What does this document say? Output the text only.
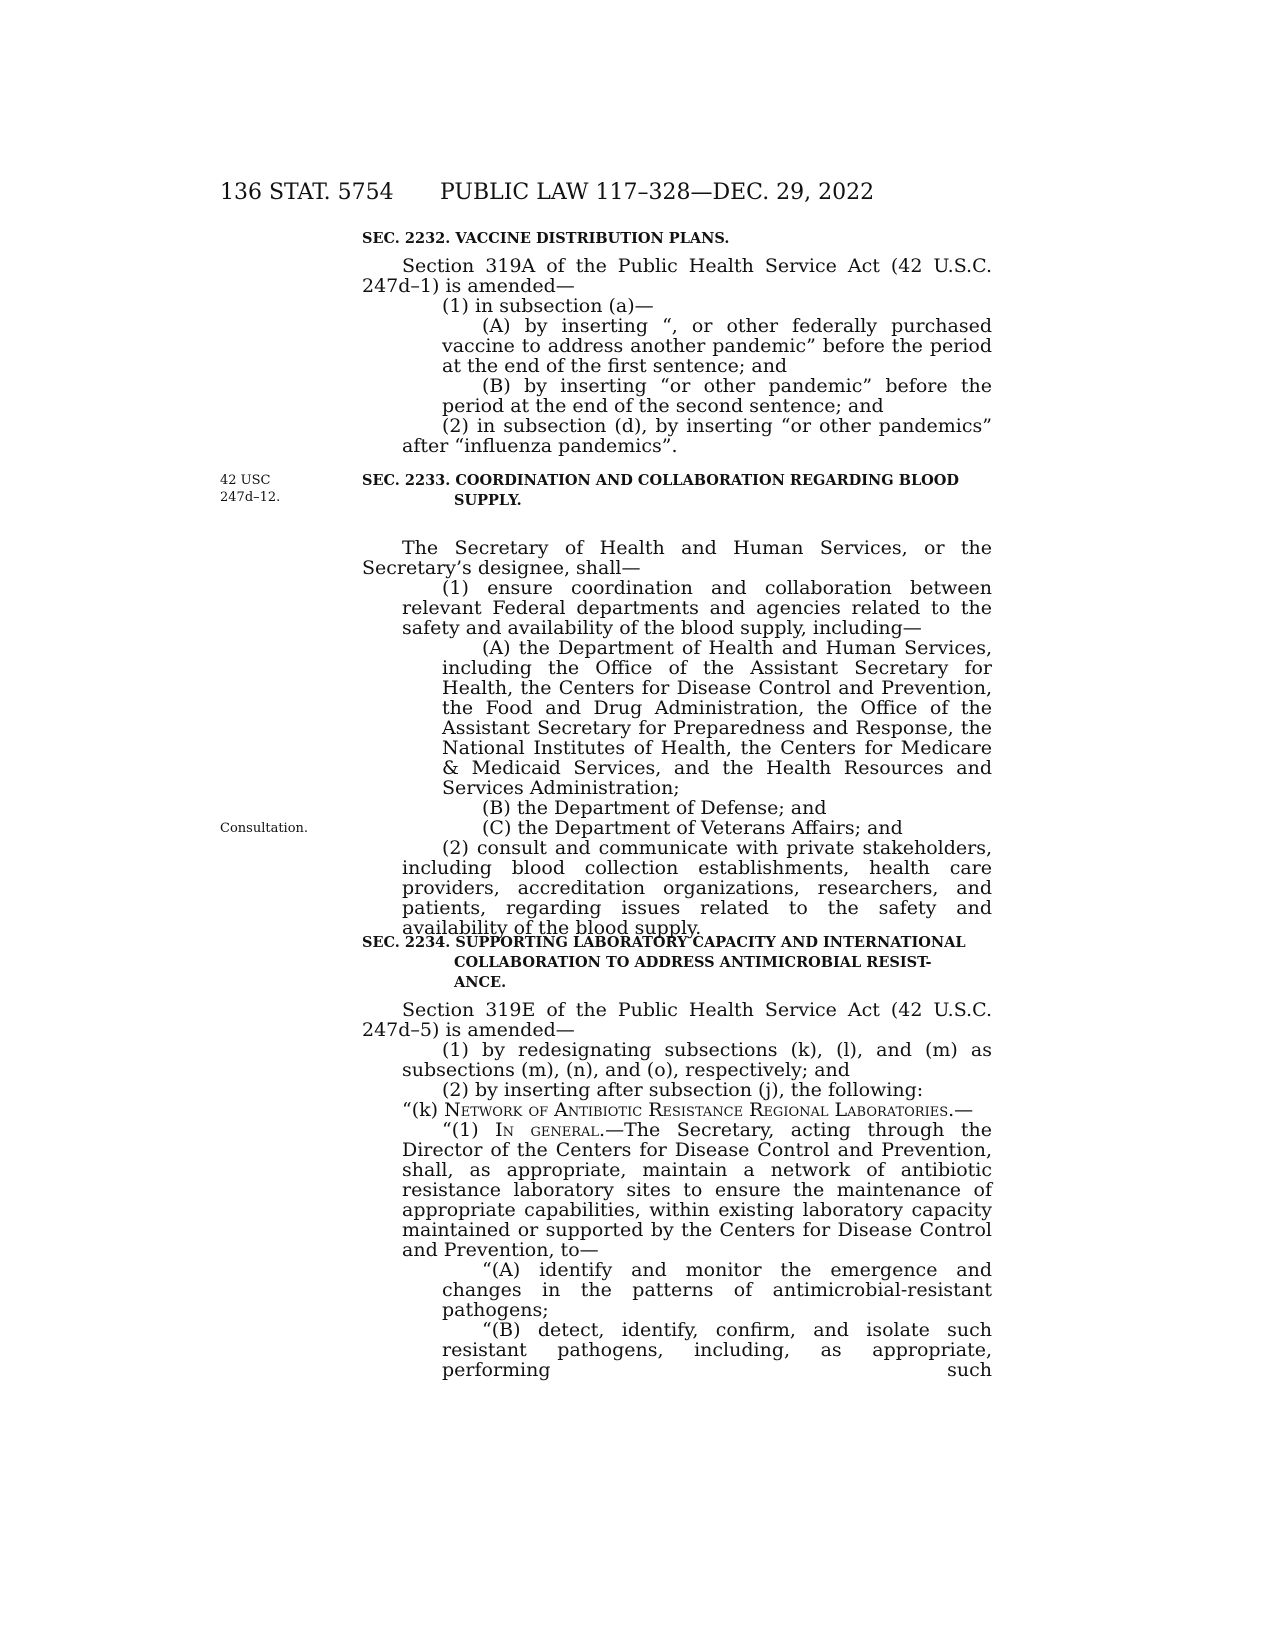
136 STAT. 5754 PUBLIC LAW 117–328—DEC. 29, 2022
42 USC
247d–12.
Consultation.
SEC. 2232. VACCINE DISTRIBUTION PLANS.
Section 319A of the Public Health Service Act (42 U.S.C. 247d–1) is amended—
(1) in subsection (a)—
(A) by inserting “, or other federally purchased vaccine to address another pandemic” before the period at the end of the first sentence; and
(B) by inserting “or other pandemic” before the period at the end of the second sentence; and
(2) in subsection (d), by inserting “or other pandemics” after “influenza pandemics”.
SEC. 2233. COORDINATION AND COLLABORATION REGARDING BLOOD
SUPPLY.
The Secretary of Health and Human Services, or the Secretary’s designee, shall—
(1) ensure coordination and collaboration between relevant Federal departments and agencies related to the safety and availability of the blood supply, including—
(A) the Department of Health and Human Services, including the Office of the Assistant Secretary for Health, the Centers for Disease Control and Prevention, the Food and Drug Administration, the Office of the Assistant Secretary for Preparedness and Response, the National Institutes of Health, the Centers for Medicare & Medicaid Services, and the Health Resources and Services Administration;
(B) the Department of Defense; and
(C) the Department of Veterans Affairs; and
(2) consult and communicate with private stakeholders, including blood collection establishments, health care providers, accreditation organizations, researchers, and patients, regarding issues related to the safety and availability of the blood supply.
SEC. 2234. SUPPORTING LABORATORY CAPACITY AND INTERNATIONAL
COLLABORATION TO ADDRESS ANTIMICROBIAL RESIST-
ANCE.
Section 319E of the Public Health Service Act (42 U.S.C. 247d–5) is amended—
(1) by redesignating subsections (k), (l), and (m) as subsections (m), (n), and (o), respectively; and
(2) by inserting after subsection (j), the following:
“(k) Network of Antibiotic Resistance Regional Laboratories.—
“(1) In general.—The Secretary, acting through the Director of the Centers for Disease Control and Prevention, shall, as appropriate, maintain a network of antibiotic resistance laboratory sites to ensure the maintenance of appropriate capabilities, within existing laboratory capacity maintained or supported by the Centers for Disease Control and Prevention, to—
“(A) identify and monitor the emergence and changes in the patterns of antimicrobial-resistant pathogens;
“(B) detect, identify, confirm, and isolate such resistant pathogens, including, as appropriate, performing such
